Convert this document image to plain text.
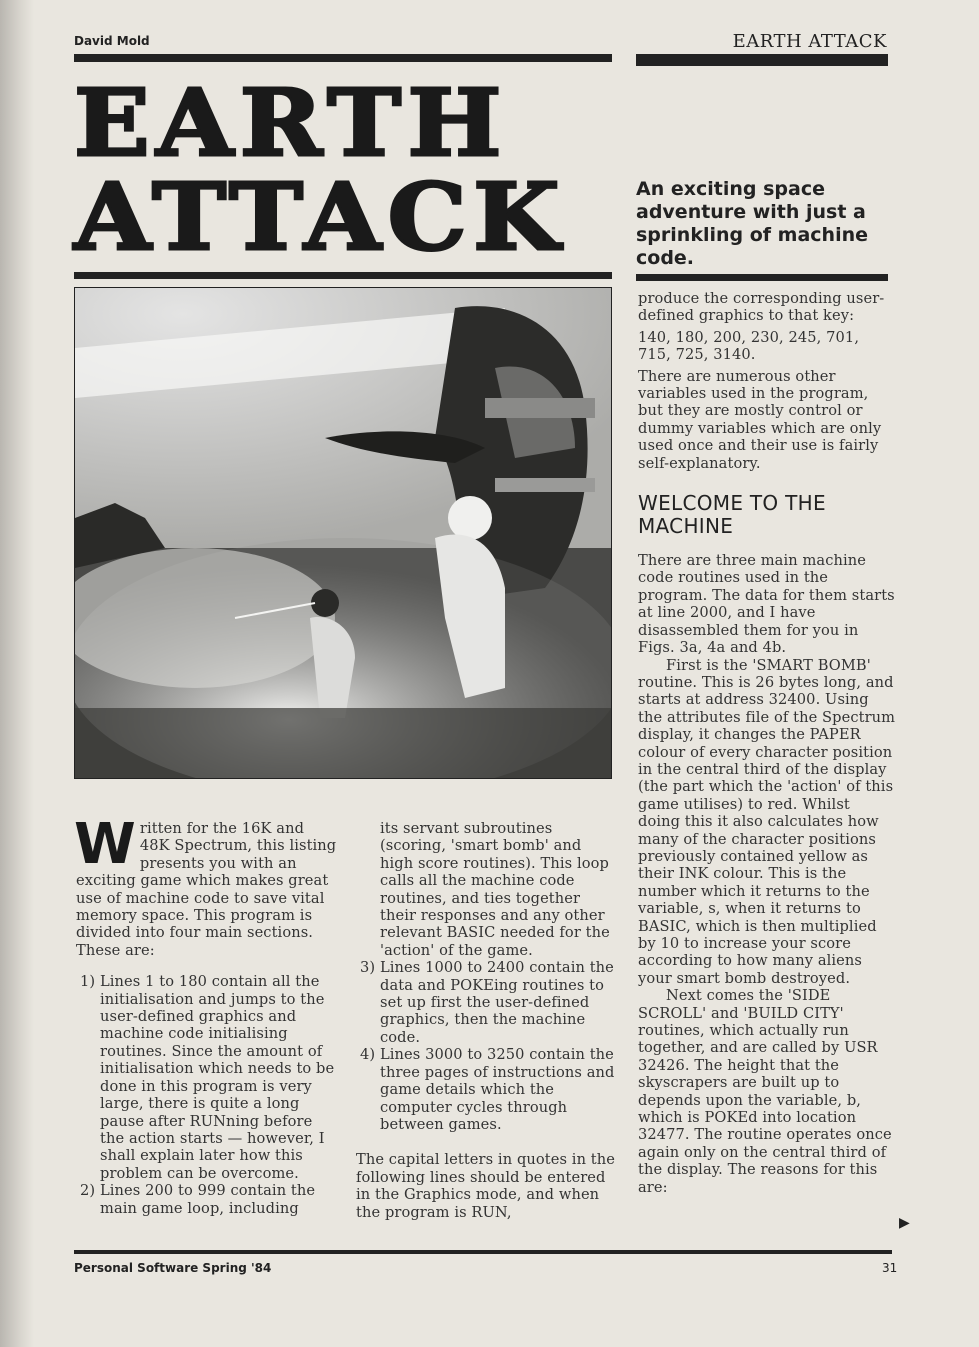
David Mold	EARTH ATTACK
EARTH
ATTACK	An exciting space adventure with just a sprinkling of machine code.

Written for the 16K and 48K Spectrum, this listing presents you with an exciting game which makes great use of machine code to save vital memory space. This program is divided into four main sections. These are:

1) Lines 1 to 180 contain all the initialisation and jumps to the user-defined graphics and machine code initialising routines. Since the amount of initialisation which needs to be done in this program is very large, there is quite a long pause after RUNning before the action starts — however, I shall explain later how this problem can be overcome.
2) Lines 200 to 999 contain the main game loop, including
its servant subroutines (scoring, 'smart bomb' and high score routines). This loop calls all the machine code routines, and ties together their responses and any other relevant BASIC needed for the 'action' of the game.
3) Lines 1000 to 2400 contain the data and POKEing routines to set up first the user-defined graphics, then the machine code.
4) Lines 3000 to 3250 contain the three pages of instructions and game details which the computer cycles through between games.

The capital letters in quotes in the following lines should be entered in the Graphics mode, and when the program is RUN,

produce the corresponding user-defined graphics to that key:

140, 180, 200, 230, 245, 701, 715, 725, 3140.

There are numerous other variables used in the program, but they are mostly control or dummy variables which are only used once and their use is fairly self-explanatory.

WELCOME TO THE MACHINE

There are three main machine code routines used in the program. The data for them starts at line 2000, and I have disassembled them for you in Figs. 3a, 4a and 4b.

First is the 'SMART BOMB' routine. This is 26 bytes long, and starts at address 32400. Using the attributes file of the Spectrum display, it changes the PAPER colour of every character position in the central third of the display (the part which the 'action' of this game utilises) to red. Whilst doing this it also calculates how many of the character positions previously contained yellow as their INK colour. This is the number which it returns to the variable, s, when it returns to BASIC, which is then multiplied by 10 to increase your score according to how many aliens your smart bomb destroyed.

Next comes the 'SIDE SCROLL' and 'BUILD CITY' routines, which actually run together, and are called by USR 32426. The height that the skyscrapers are built up to depends upon the variable, b, which is POKEd into location 32477. The routine operates once again only on the central third of the display. The reasons for this are:

▶
Personal Software Spring '84	31
